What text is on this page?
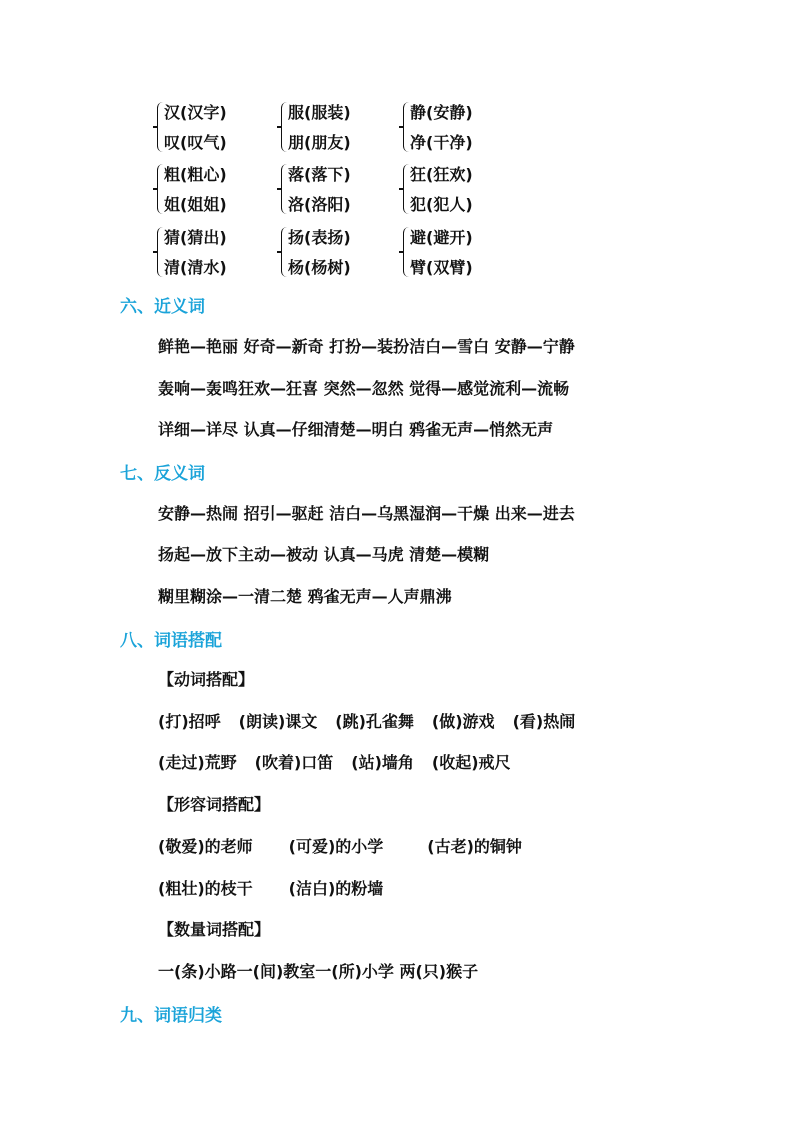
汉(汉字)
叹(叹气)
服(服装)
朋(朋友)
静(安静)
净(干净)
粗(粗心)
姐(姐姐)
落(落下)
洛(洛阳)
狂(狂欢)
犯(犯人)
猜(猜出)
清(清水)
扬(表扬)
杨(杨树)
避(避开)
臂(双臂)
六、近义词
鲜艳—艳丽 好奇—新奇 打扮—装扮洁白—雪白 安静—宁静
轰响—轰鸣狂欢—狂喜 突然—忽然 觉得—感觉流利—流畅
详细—详尽 认真—仔细清楚—明白 鸦雀无声—悄然无声
七、反义词
安静—热闹 招引—驱赶 洁白—乌黑湿润—干燥 出来—进去
扬起—放下主动—被动 认真—马虎 清楚—模糊
糊里糊涂—一清二楚 鸦雀无声—人声鼎沸
八、词语搭配
【动词搭配】
(打)招呼 (朗读)课文 (跳)孔雀舞 (做)游戏 (看)热闹
(走过)荒野 (吹着)口笛 (站)墙角 (收起)戒尺
【形容词搭配】
(敬爱)的老师 (可爱)的小学	(古老)的铜钟
(粗壮)的枝干 (洁白)的粉墙
【数量词搭配】
一(条)小路一(间)教室一(所)小学 两(只)猴子
九、词语归类
